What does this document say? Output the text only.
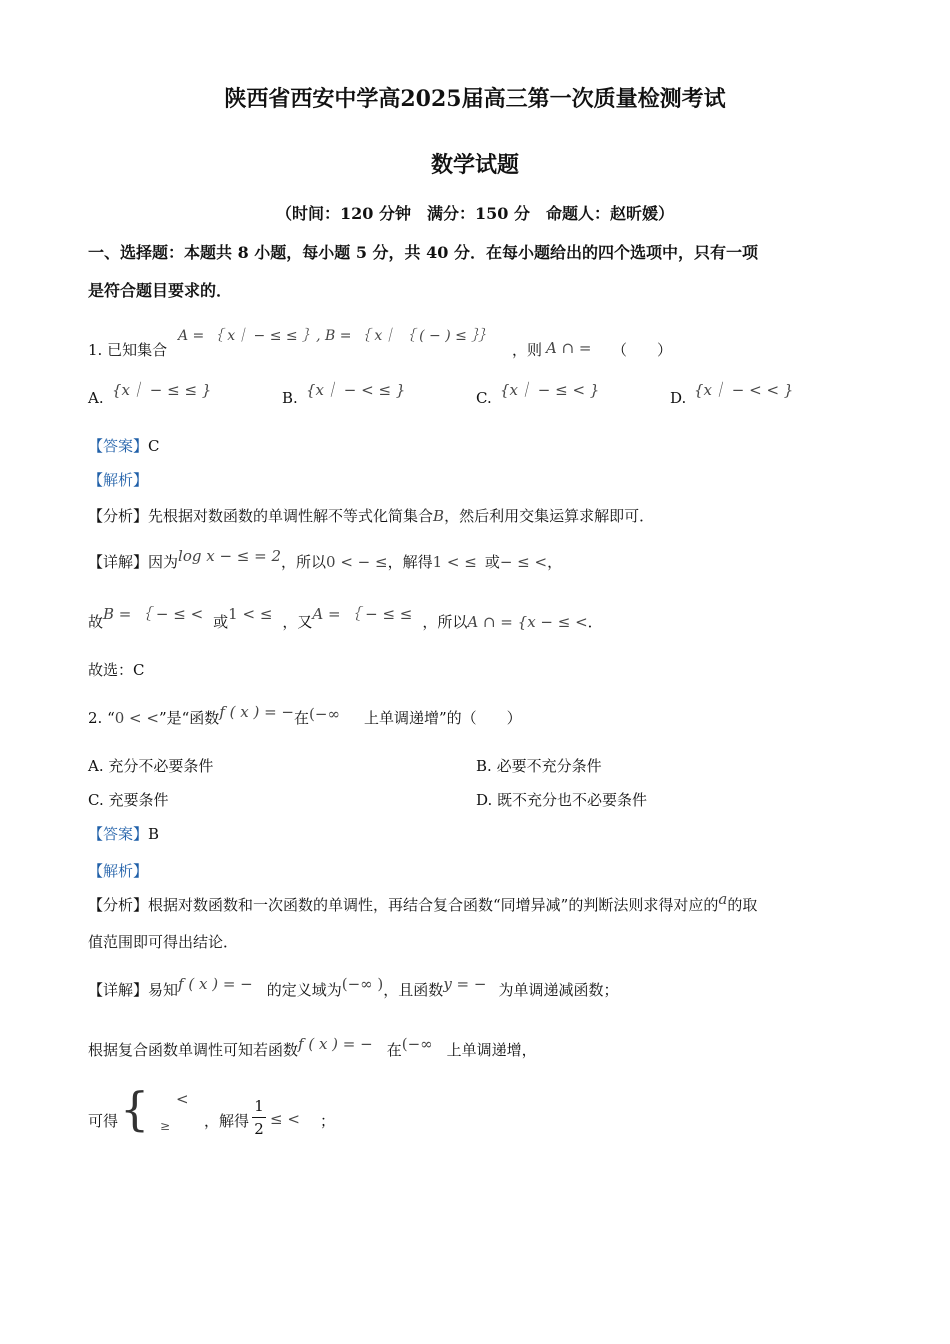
陕西省西安中学高2025届高三第一次质量检测考试
数学试题
（时间：120 分钟　满分：150 分　命题人：赵昕媛）
一、选择题：本题共 8 小题，每小题 5 分，共 40 分．在每小题给出的四个选项中，只有一项
是符合题目要求的．
1. 已知集合
A = ｛ x｜ − ≤ ≤ ｝, B = ｛ x｜ ｛ ( − ) ≤ ｝｝
，则 A ∩ = （　　）
A. {x｜ − ≤ ≤ }	B. {x｜ − < ≤ }	C. {x｜ − ≤ < }	D. {x｜ − < < }
【答案】C
【解析】
【分析】先根据对数函数的单调性解不等式化简集合B，然后利用交集运算求解即可．
【详解】因为log x − ≤ = 2，所以0 < − ≤，解得1 < ≤ 或− ≤ <，
故B = ｛ − ≤ < 或1 < ≤ ，又A = ｛ − ≤ ≤ ，所以A ∩ = {x − ≤ <．
故选：C
2. “0 < <”是“函数f ( x ) = −在(−∞ 上单调递增”的（　　）
A. 充分不必要条件	B. 必要不充分条件
C. 充要条件	D. 既不充分也不必要条件
【答案】B
【解析】
【分析】根据对数函数和一次函数的单调性，再结合复合函数“同增异减”的判断法则求得对应的a的取
值范围即可得出结论．
【详解】易知f ( x ) = − 的定义域为(−∞ )，且函数y = − 为单调递减函数；
根据复合函数单调性可知若函数f ( x ) = − 在(−∞ 上单调递增，
可得 { <
≥ ，解得
1
2
≤ < ；
